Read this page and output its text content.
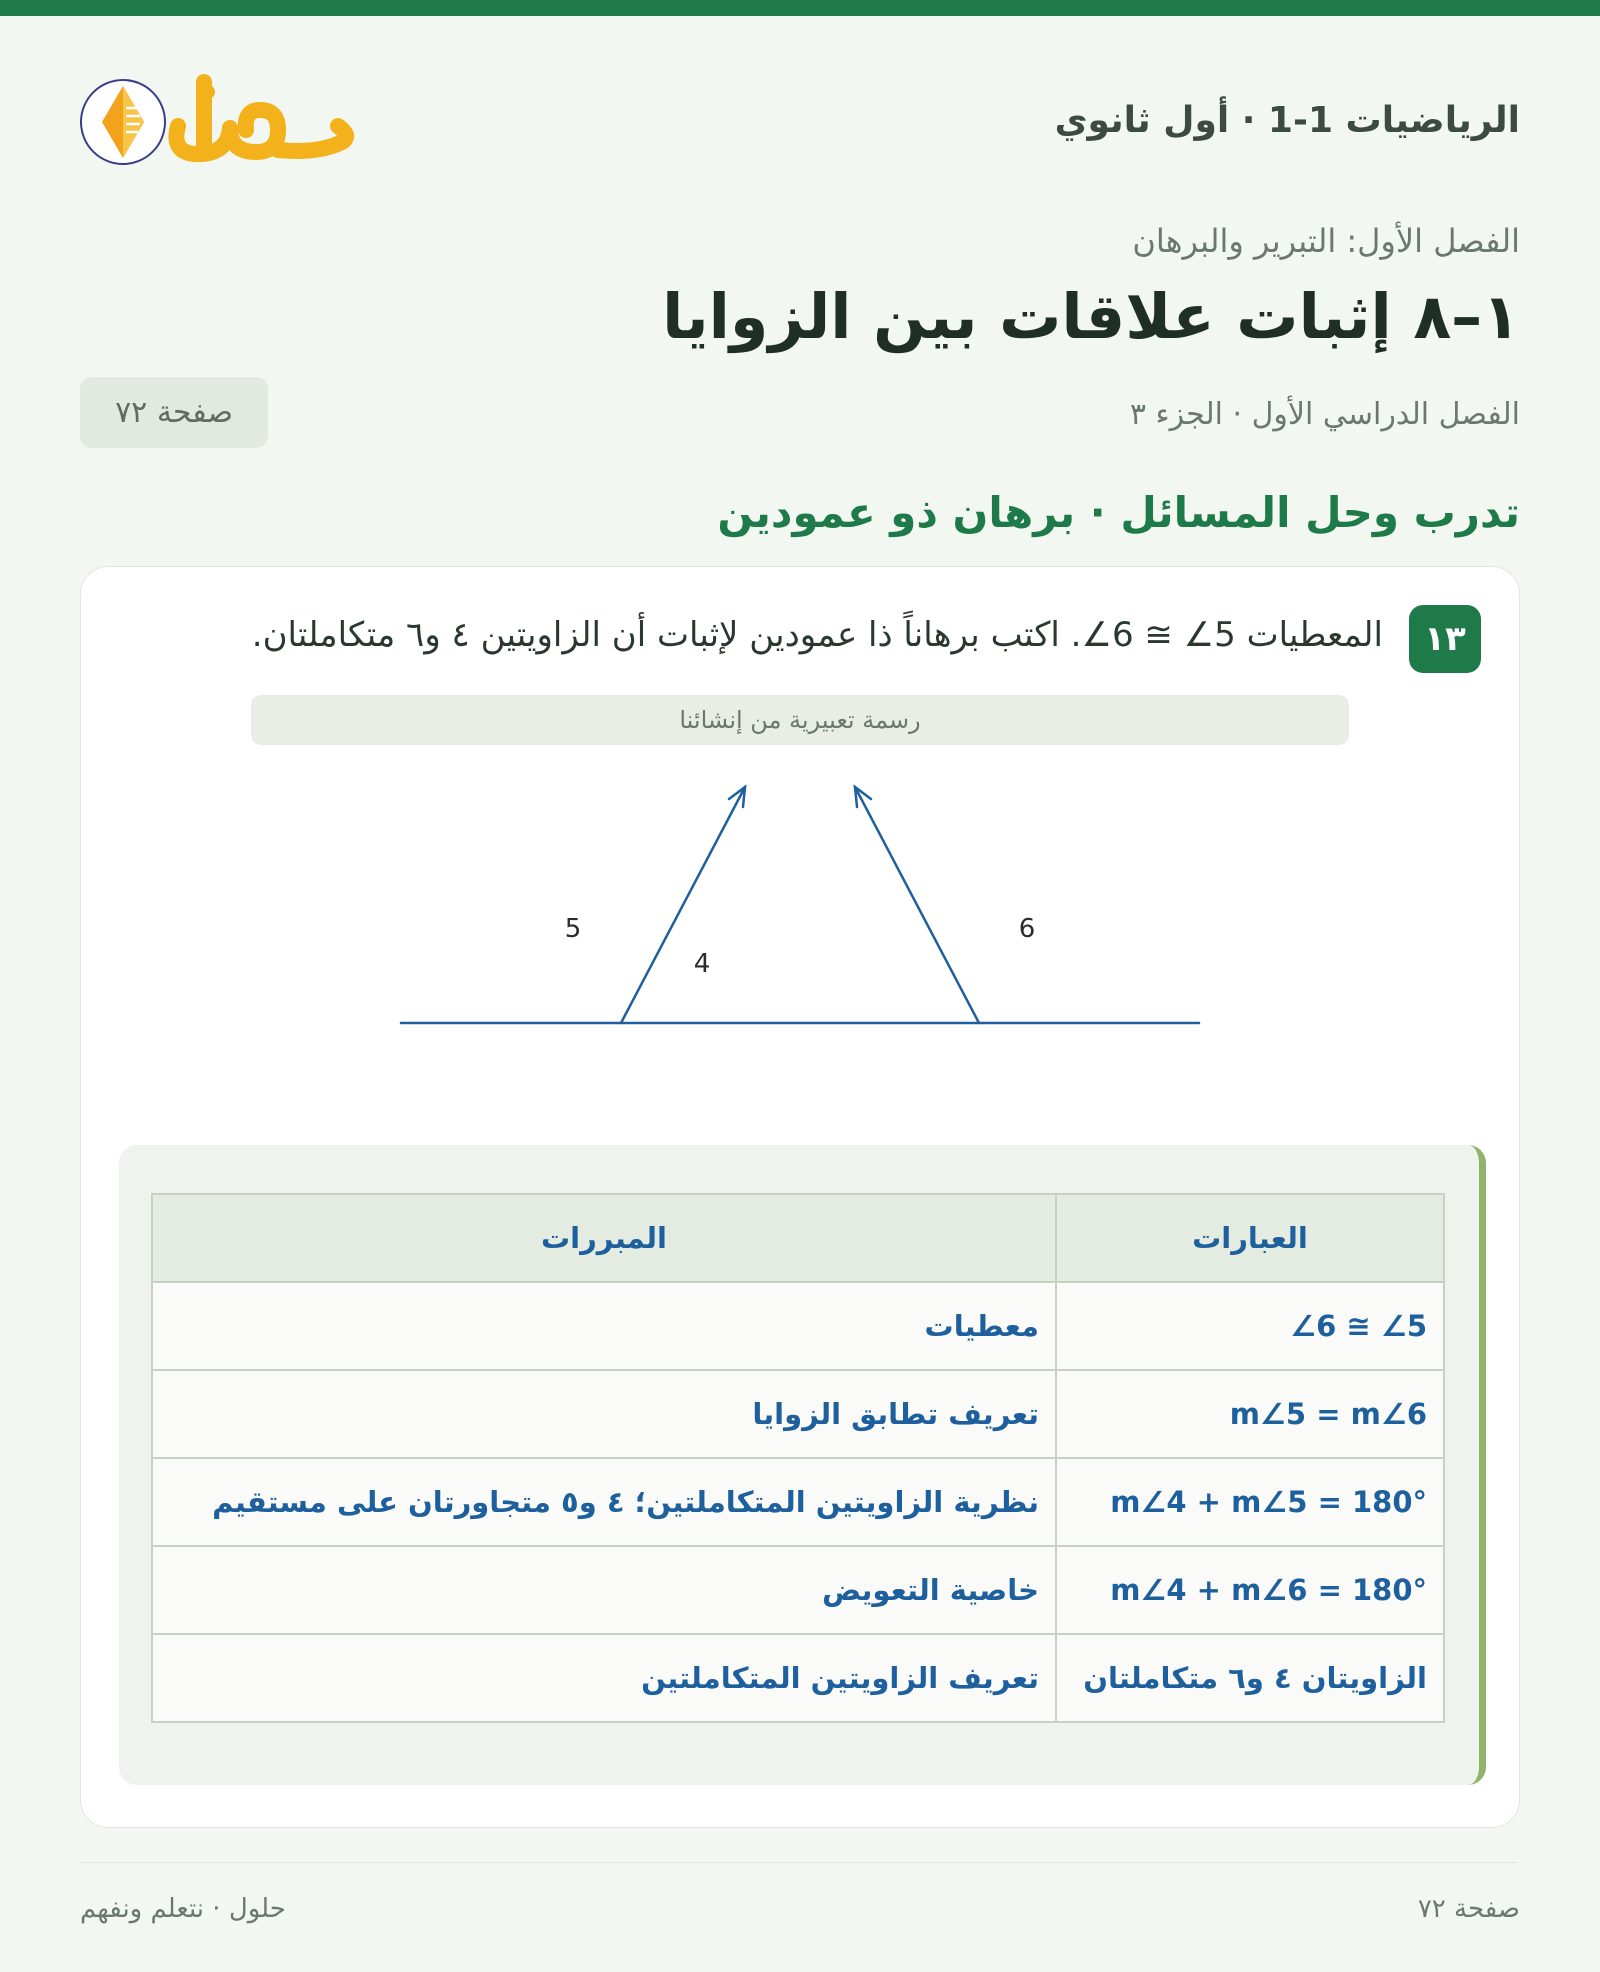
الرياضيات 1-1 · أول ثانوي
الفصل الأول: التبرير والبرهان
١–٨ إثبات علاقات بين الزوايا
الفصل الدراسي الأول · الجزء ٣
صفحة ٧٢
تدرب وحل المسائل · برهان ذو عمودين
١٣
المعطيات ∠6 ≅ ∠5. اكتب برهاناً ذا عمودين لإثبات أن الزاويتين ٤ و٦ متكاملتان.
رسمة تعبيرية من إنشائنا
5
4
6
العبارات	المبررات
∠6 ≅ ∠5	معطيات
m∠5 = m∠6	تعريف تطابق الزوايا
m∠4 + m∠5 = 180°	نظرية الزاويتين المتكاملتين؛ ٤ و٥ متجاورتان على مستقيم
m∠4 + m∠6 = 180°	خاصية التعويض
الزاويتان ٤ و٦ متكاملتان	تعريف الزاويتين المتكاملتين
حلول · نتعلم ونفهم	صفحة ٧٢
